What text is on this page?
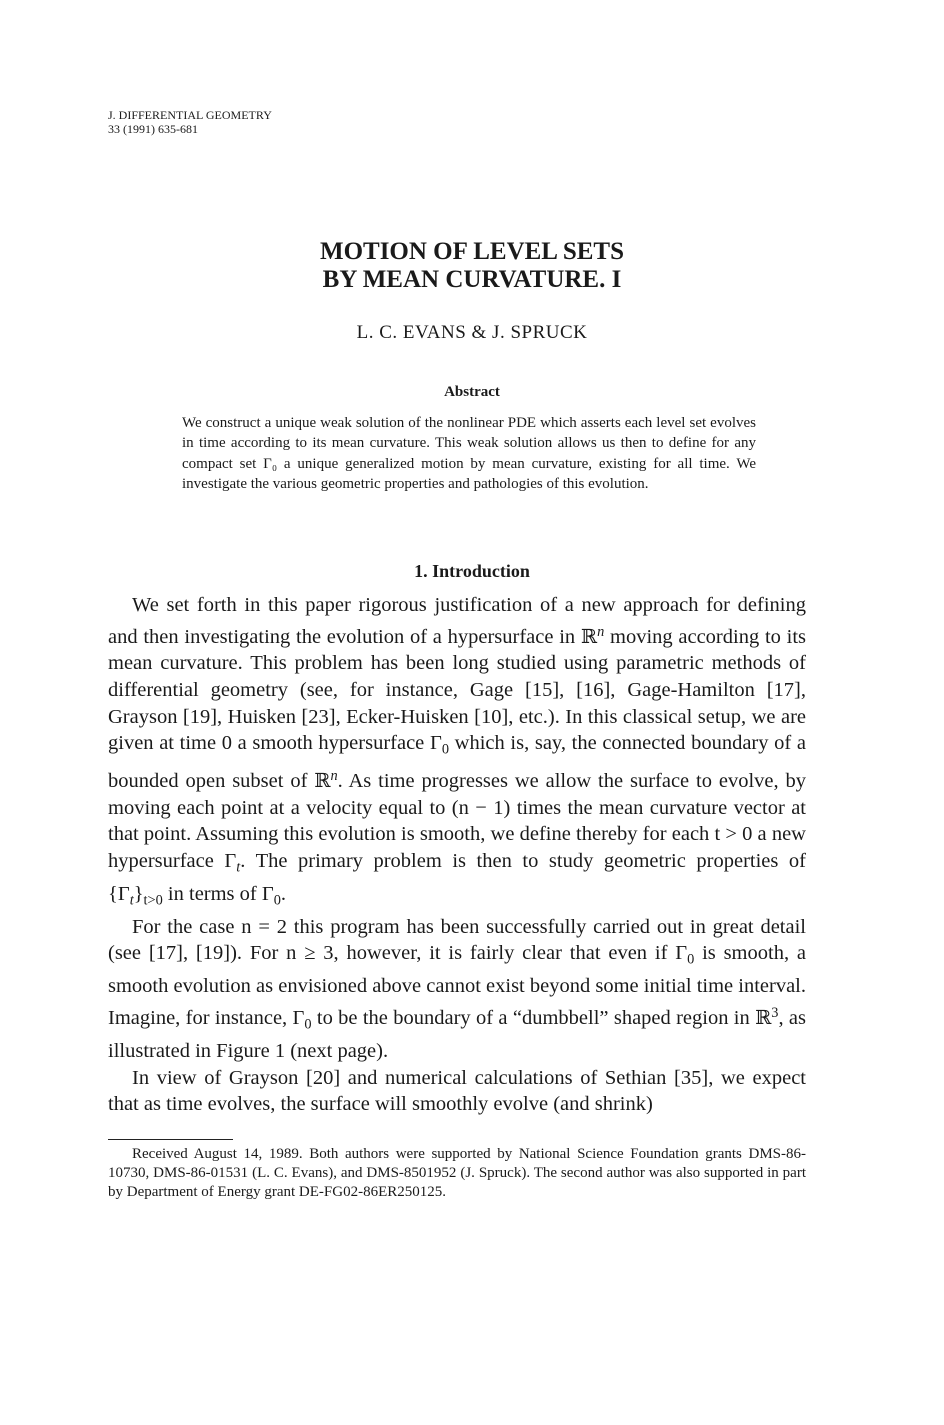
J. DIFFERENTIAL GEOMETRY
33 (1991) 635-681
MOTION OF LEVEL SETS
BY MEAN CURVATURE. I
L. C. EVANS & J. SPRUCK
Abstract
We construct a unique weak solution of the nonlinear PDE which asserts each level set evolves in time according to its mean curvature. This weak solution allows us then to define for any compact set Γ₀ a unique generalized motion by mean curvature, existing for all time. We investigate the various geometric properties and pathologies of this evolution.
1. Introduction

We set forth in this paper rigorous justification of a new approach for defining and then investigating the evolution of a hypersurface in ℝ$^n$ moving according to its mean curvature. This problem has been long studied using parametric methods of differential geometry (see, for instance, Gage [15], [16], Gage-Hamilton [17], Grayson [19], Huisken [23], Ecker-Huisken [10], etc.). In this classical setup, we are given at time 0 a smooth hypersurface $\Gamma_0$ which is, say, the connected boundary of a bounded open subset of ℝ$^n$. As time progresses we allow the surface to evolve, by moving each point at a velocity equal to (n − 1) times the mean curvature vector at that point. Assuming this evolution is smooth, we define thereby for each t > 0 a new hypersurface $\Gamma_t$. The primary problem is then to study geometric properties of $\{\Gamma_t\}_{t>0}$ in terms of $\Gamma_0$.

For the case n = 2 this program has been successfully carried out in great detail (see [17], [19]). For n ≥ 3, however, it is fairly clear that even if $\Gamma_0$ is smooth, a smooth evolution as envisioned above cannot exist beyond some initial time interval. Imagine, for instance, $\Gamma_0$ to be the boundary of a “dumbbell” shaped region in ℝ$^3$, as illustrated in Figure 1 (next page).

In view of Grayson [20] and numerical calculations of Sethian [35], we expect that as time evolves, the surface will smoothly evolve (and shrink)

Received August 14, 1989. Both authors were supported by National Science Foundation grants DMS-86-10730, DMS-86-01531 (L. C. Evans), and DMS-8501952 (J. Spruck). The second author was also supported in part by Department of Energy grant DE-FG02-86ER250125.
